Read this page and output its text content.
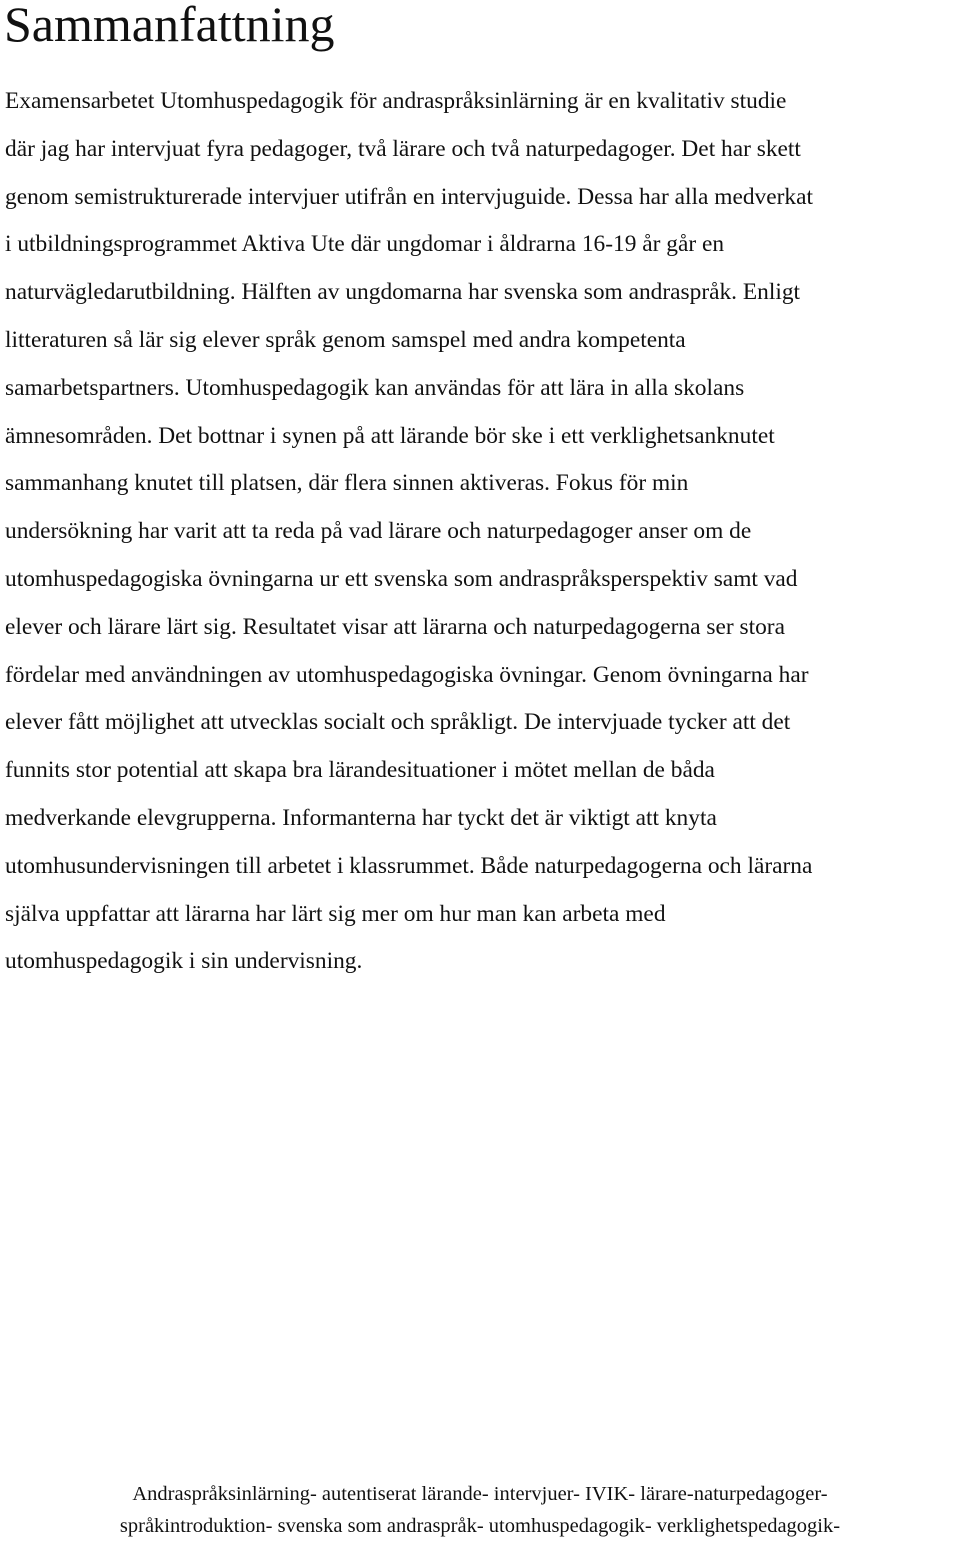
Sammanfattning
Examensarbetet Utomhuspedagogik för andraspråksinlärning är en kvalitativ studie
där jag har intervjuat fyra pedagoger, två lärare och två naturpedagoger. Det har skett
genom semistrukturerade intervjuer utifrån en intervjuguide. Dessa har alla medverkat
i utbildningsprogrammet Aktiva Ute där ungdomar i åldrarna 16-19 år går en
naturvägledarutbildning. Hälften av ungdomarna har svenska som andraspråk. Enligt
litteraturen så lär sig elever språk genom samspel med andra kompetenta
samarbetspartners. Utomhuspedagogik kan användas för att lära in alla skolans
ämnesområden. Det bottnar i synen på att lärande bör ske i ett verklighetsanknutet
sammanhang knutet till platsen, där flera sinnen aktiveras. Fokus för min
undersökning har varit att ta reda på vad lärare och naturpedagoger anser om de
utomhuspedagogiska övningarna ur ett svenska som andraspråksperspektiv samt vad
elever och lärare lärt sig. Resultatet visar att lärarna och naturpedagogerna ser stora
fördelar med användningen av utomhuspedagogiska övningar. Genom övningarna har
elever fått möjlighet att utvecklas socialt och språkligt. De intervjuade tycker att det
funnits stor potential att skapa bra lärandesituationer i mötet mellan de båda
medverkande elevgrupperna. Informanterna har tyckt det är viktigt att knyta
utomhusundervisningen till arbetet i klassrummet. Både naturpedagogerna och lärarna
själva uppfattar att lärarna har lärt sig mer om hur man kan arbeta med
utomhuspedagogik i sin undervisning.
Andraspråksinlärning- autentiserat lärande- intervjuer- IVIK- lärare-naturpedagoger-
språkintroduktion- svenska som andraspråk- utomhuspedagogik- verklighetspedagogik-
